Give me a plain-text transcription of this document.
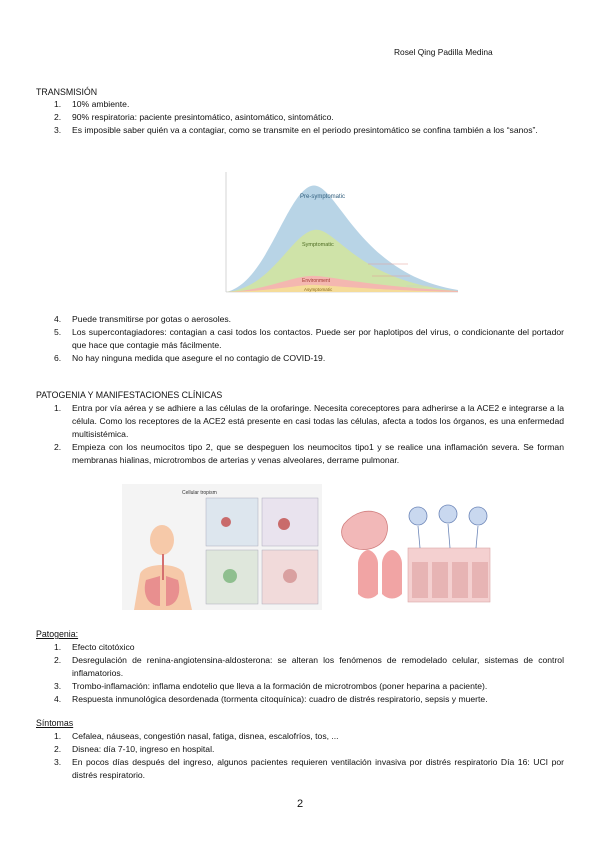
Rosel Qing Padilla Medina
TRANSMISIÓN
1. 10% ambiente.
2. 90% respiratoria: paciente presintomático, asintomático, sintomático.
3. Es imposible saber quién va a contagiar, como se transmite en el periodo presintomático se confina también a los “sanos”.
Pre-symptomatic
Symptomatic
Environment
Asymptomatic
4. Puede transmitirse por gotas o aerosoles.
5. Los supercontagiadores: contagian a casi todos los contactos. Puede ser por haplotipos del virus, o condicionante del portador que hace que contagie más fácilmente.
6. No hay ninguna medida que asegure el no contagio de COVID-19.
PATOGENIA Y MANIFESTACIONES CLÍNICAS
1. Entra por vía aérea y se adhiere a las células de la orofaringe. Necesita coreceptores para adherirse a la ACE2 e integrarse a la célula. Como los receptores de la ACE2 está presente en casi todas las células, afecta a todos los órganos, es una enfermedad multisistémica.
2. Empieza con los neumocitos tipo 2, que se despeguen los neumocitos tipo1 y se realice una inflamación severa. Se forman membranas hialinas, microtrombos de arterias y venas alveolares, derrame pulmonar.
Cellular tropism
Patogenia:
1. Efecto citotóxico
2. Desregulación de renina-angiotensina-aldosterona: se alteran los fenómenos de remodelado celular, sistemas de control inflamatorios.
3. Trombo-inflamación: inflama endotelio que lleva a la formación de microtrombos (poner heparina a paciente).
4. Respuesta inmunológica desordenada (tormenta citoquínica): cuadro de distrés respiratorio, sepsis y muerte.
Síntomas
1. Cefalea, náuseas, congestión nasal, fatiga, disnea, escalofríos, tos, ...
2. Disnea: día 7-10, ingreso en hospital.
3. En pocos días después del ingreso, algunos pacientes requieren ventilación invasiva por distrés respiratorio Día 16: UCI por distrés respiratorio.
2
